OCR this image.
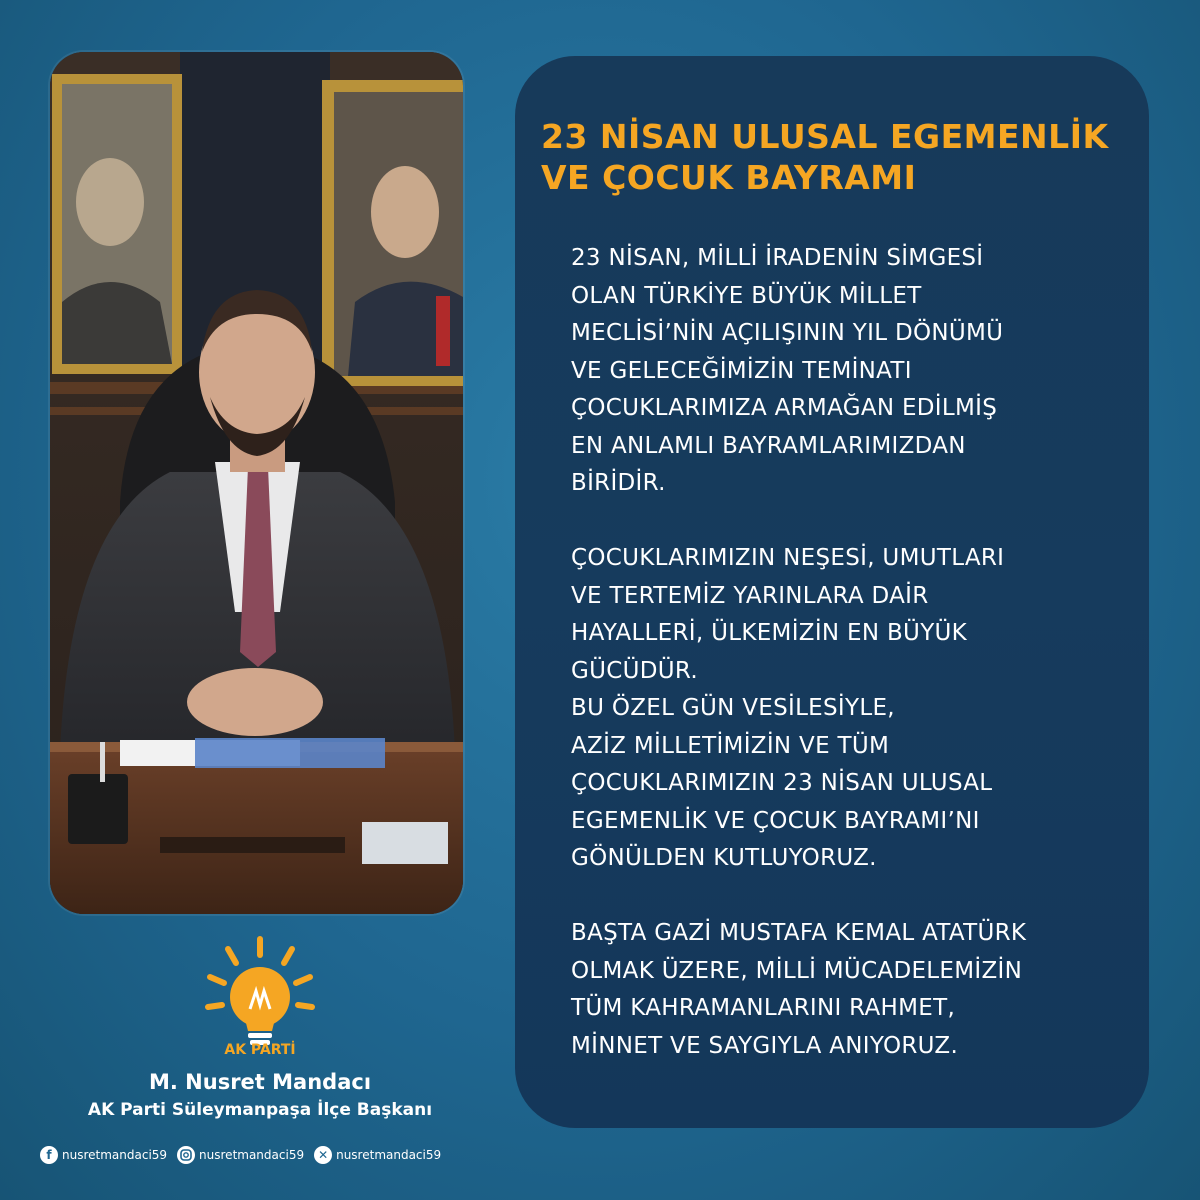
23 NİSAN ULUSAL EGEMENLİK
VE ÇOCUK BAYRAMI

23 NİSAN, MİLLİ İRADENİN SİMGESİ
OLAN TÜRKİYE BÜYÜK MİLLET
MECLİSİ’NİN AÇILIŞININ YIL DÖNÜMÜ
VE GELECEĞİMİZİN TEMİNATI
ÇOCUKLARIMIZA ARMAĞAN EDİLMİŞ
EN ANLAMLI BAYRAMLARIMIZDAN
BİRİDİR.

ÇOCUKLARIMIZIN NEŞESİ, UMUTLARI
VE TERTEMİZ YARINLARA DAİR
HAYALLERİ, ÜLKEMİZİN EN BÜYÜK
GÜCÜDÜR.
BU ÖZEL GÜN VESİLESİYLE,
AZİZ MİLLETİMİZİN VE TÜM
ÇOCUKLARIMIZIN 23 NİSAN ULUSAL
EGEMENLİK VE ÇOCUK BAYRAMI’NI
GÖNÜLDEN KUTLUYORUZ.

BAŞTA GAZİ MUSTAFA KEMAL ATATÜRK
OLMAK ÜZERE, MİLLİ MÜCADELEMİZİN
TÜM KAHRAMANLARINI RAHMET,
MİNNET VE SAYGIYLA ANIYORUZ.

AK PARTİ
M. Nusret Mandacı
AK Parti Süleymanpaşa İlçe Başkanı
f nusretmandaci59	nusretmandaci59	✕ nusretmandaci59
